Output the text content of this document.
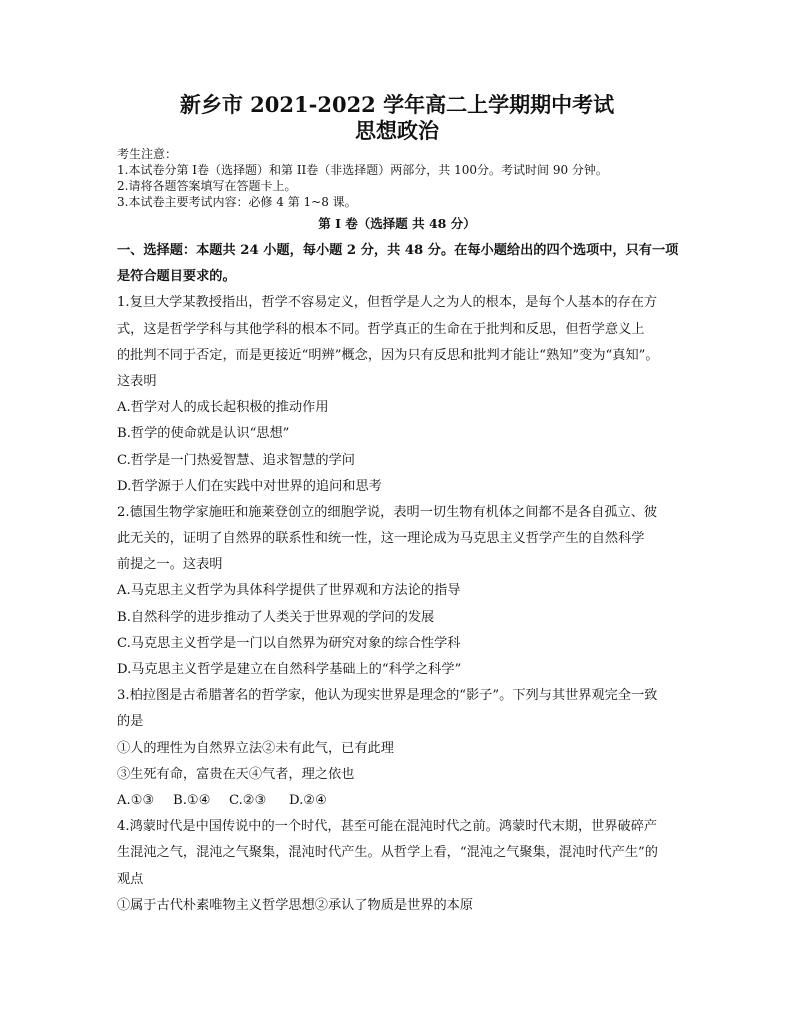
新乡市 2021-2022 学年高二上学期期中考试
思想政治
考生注意：
1.本试卷分第 I卷（选择题）和第 II卷（非选择题）两部分，共 100分。考试时间 90 分钟。
2.请将各题答案填写在答题卡上。
3.本试卷主要考试内容：必修 4 第 1~8 课。
第 I 卷（选择题 共 48 分）
一、选择题：本题共 24 小题，每小题 2 分，共 48 分。在每小题给出的四个选项中，只有一项
是符合题目要求的。
1.复旦大学某教授指出，哲学不容易定义，但哲学是人之为人的根本，是每个人基本的存在方
式，这是哲学学科与其他学科的根本不同。哲学真正的生命在于批判和反思，但哲学意义上
的批判不同于否定，而是更接近“明辨”概念，因为只有反思和批判才能让“熟知”变为“真知”。
这表明
A.哲学对人的成长起积极的推动作用
B.哲学的使命就是认识“思想”
C.哲学是一门热爱智慧、追求智慧的学问
D.哲学源于人们在实践中对世界的追问和思考
2.德国生物学家施旺和施莱登创立的细胞学说，表明一切生物有机体之间都不是各自孤立、彼
此无关的，证明了自然界的联系性和统一性，这一理论成为马克思主义哲学产生的自然科学
前提之一。这表明
A.马克思主义哲学为具体科学提供了世界观和方法论的指导
B.自然科学的进步推动了人类关于世界观的学问的发展
C.马克思主义哲学是一门以自然界为研究对象的综合性学科
D.马克思主义哲学是建立在自然科学基础上的“科学之科学”
3.柏拉图是古希腊著名的哲学家，他认为现实世界是理念的“影子”。下列与其世界观完全一致
的是
①人的理性为自然界立法②未有此气，已有此理
③生死有命，富贵在天④气者，理之依也
A.①③ B.①④ C.②③ D.②④
4.鸿蒙时代是中国传说中的一个时代，甚至可能在混沌时代之前。鸿蒙时代末期，世界破碎产
生混沌之气，混沌之气聚集，混沌时代产生。从哲学上看，“混沌之气聚集，混沌时代产生”的
观点
①属于古代朴素唯物主义哲学思想②承认了物质是世界的本原
